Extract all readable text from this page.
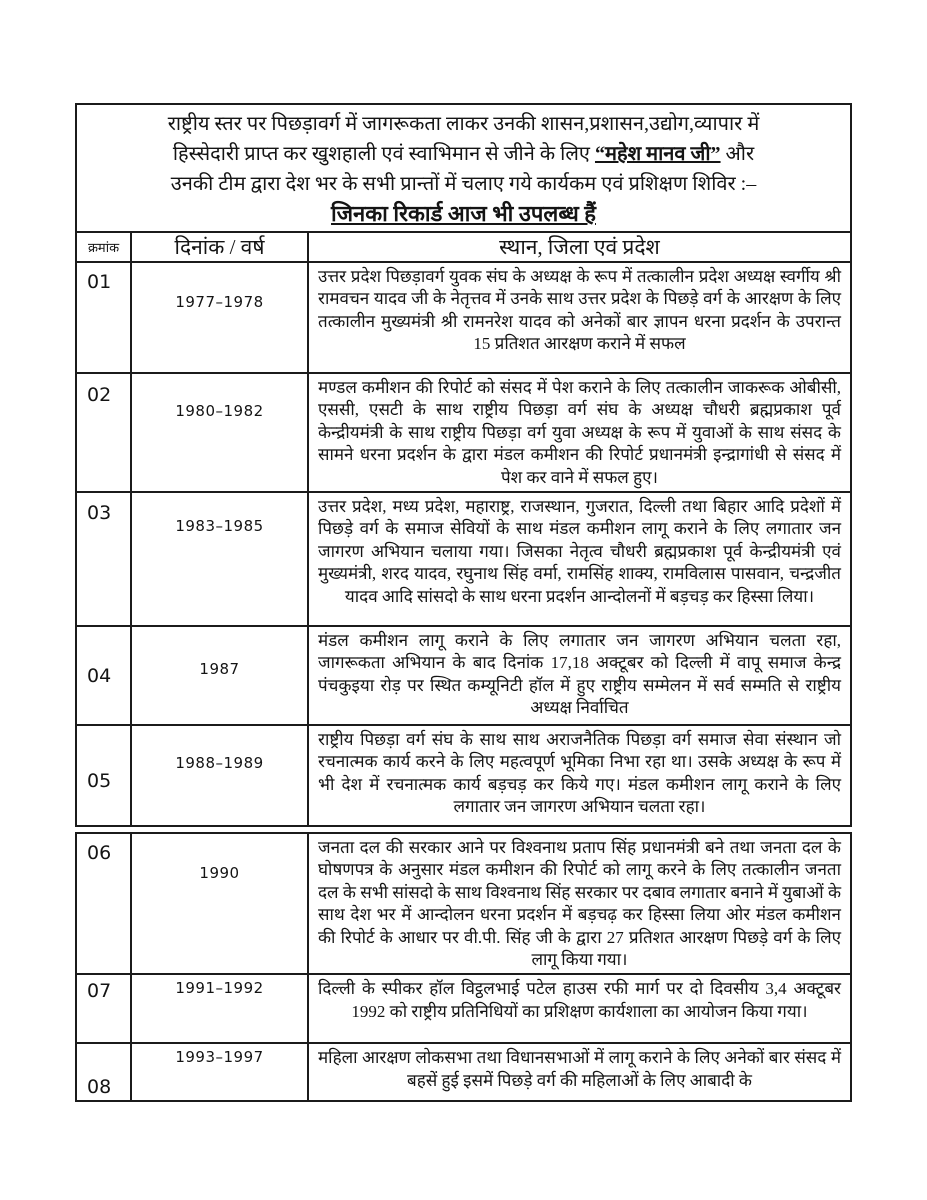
राष्ट्रीय स्तर पर पिछड़ावर्ग में जागरूकता लाकर उनकी शासन,प्रशासन,उद्योग,व्यापार में
हिस्सेदारी प्राप्त कर खुशहाली एवं स्वाभिमान से जीने के लिए “महेश मानव जी” और
उनकी टीम द्वारा देश भर के सभी प्रान्तों में चलाए गये कार्यकम एवं प्रशिक्षण शिविर :–
जिनका रिकार्ड आज भी उपलब्ध हैं
क्रमांक	दिनांक / वर्ष	स्थान, जिला एवं प्रदेश
01	1977–1978	उत्तर प्रदेश पिछड़ावर्ग युवक संघ के अध्यक्ष के रूप में तत्कालीन प्रदेश अध्यक्ष स्वर्गीय श्री रामवचन यादव जी के नेतृत्तव में उनके साथ उत्तर प्रदेश के पिछड़े वर्ग के आरक्षण के लिए तत्कालीन मुख्यमंत्री श्री रामनरेश यादव को अनेकों बार ज्ञापन धरना प्रदर्शन के उपरान्त 15 प्रतिशत आरक्षण कराने में सफल

02	1980–1982	मण्डल कमीशन की रिपोर्ट को संसद में पेश कराने के लिए तत्कालीन जाकरूक ओबीसी, एससी, एसटी के साथ राष्ट्रीय पिछड़ा वर्ग संघ के अध्यक्ष चौधरी ब्रह्मप्रकाश पूर्व केन्द्रीयमंत्री के साथ राष्ट्रीय पिछड़ा वर्ग युवा अध्यक्ष के रूप में युवाओं के साथ संसद के सामने धरना प्रदर्शन के द्वारा मंडल कमीशन की रिपोर्ट प्रधानमंत्री इन्द्रागांधी से संसद में पेश कर वाने में सफल हुए।

03	1983–1985	उत्तर प्रदेश, मध्य प्रदेश, महाराष्ट्र, राजस्थान, गुजरात, दिल्ली तथा बिहार आदि प्रदेशों में पिछड़े वर्ग के समाज सेवियों के साथ मंडल कमीशन लागू कराने के लिए लगातार जन जागरण अभियान चलाया गया। जिसका नेतृत्व चौधरी ब्रह्मप्रकाश पूर्व केन्द्रीयमंत्री एवं मुख्यमंत्री, शरद यादव, रघुनाथ सिंह वर्मा, रामसिंह शाक्य, रामविलास पासवान, चन्द्रजीत यादव आदि सांसदो के साथ धरना प्रदर्शन आन्दोलनों में बड़चड़ कर हिस्सा लिया।

04	1987	मंडल कमीशन लागू कराने के लिए लगातार जन जागरण अभियान चलता रहा, जागरूकता अभियान के बाद दिनांक 17,18 अक्टूबर को दिल्ली में वापू समाज केन्द्र पंचकुइया रोड़ पर स्थित कम्यूनिटी हॉल में हुए राष्ट्रीय सम्मेलन में सर्व सम्मति से राष्ट्रीय अध्यक्ष निर्वाचित

05	1988–1989	राष्ट्रीय पिछड़ा वर्ग संघ के साथ साथ अराजनैतिक पिछड़ा वर्ग समाज सेवा संस्थान जो रचनात्मक कार्य करने के लिए महत्वपूर्ण भूमिका निभा रहा था। उसके अध्यक्ष के रूप में भी देश में रचनात्मक कार्य बड़चड़ कर किये गए। मंडल कमीशन लागू कराने के लिए लगातार जन जागरण अभियान चलता रहा।
06	1990	जनता दल की सरकार आने पर विश्वनाथ प्रताप सिंह प्रधानमंत्री बने तथा जनता दल के घोषणपत्र के अनुसार मंडल कमीशन की रिपोर्ट को लागू करने के लिए तत्कालीन जनता दल के सभी सांसदो के साथ विश्वनाथ सिंह सरकार पर दबाव लगातार बनाने में युबाओं के साथ देश भर में आन्दोलन धरना प्रदर्शन में बड़चढ़ कर हिस्सा लिया ओर मंडल कमीशन की रिपोर्ट के आधार पर वी.पी. सिंह जी के द्वारा 27 प्रतिशत आरक्षण पिछड़े वर्ग के लिए लागू किया गया।

07	1991–1992	दिल्ली के स्पीकर हॉल विट्ठलभाई पटेल हाउस रफी मार्ग पर दो दिवसीय 3,4 अक्टूबर 1992 को राष्ट्रीय प्रतिनिधियों का प्रशिक्षण कार्यशाला का आयोजन किया गया।

08	1993–1997	महिला आरक्षण लोकसभा तथा विधानसभाओं में लागू कराने के लिए अनेकों बार संसद में बहसें हुई इसमें पिछड़े वर्ग की महिलाओं के लिए आबादी के
